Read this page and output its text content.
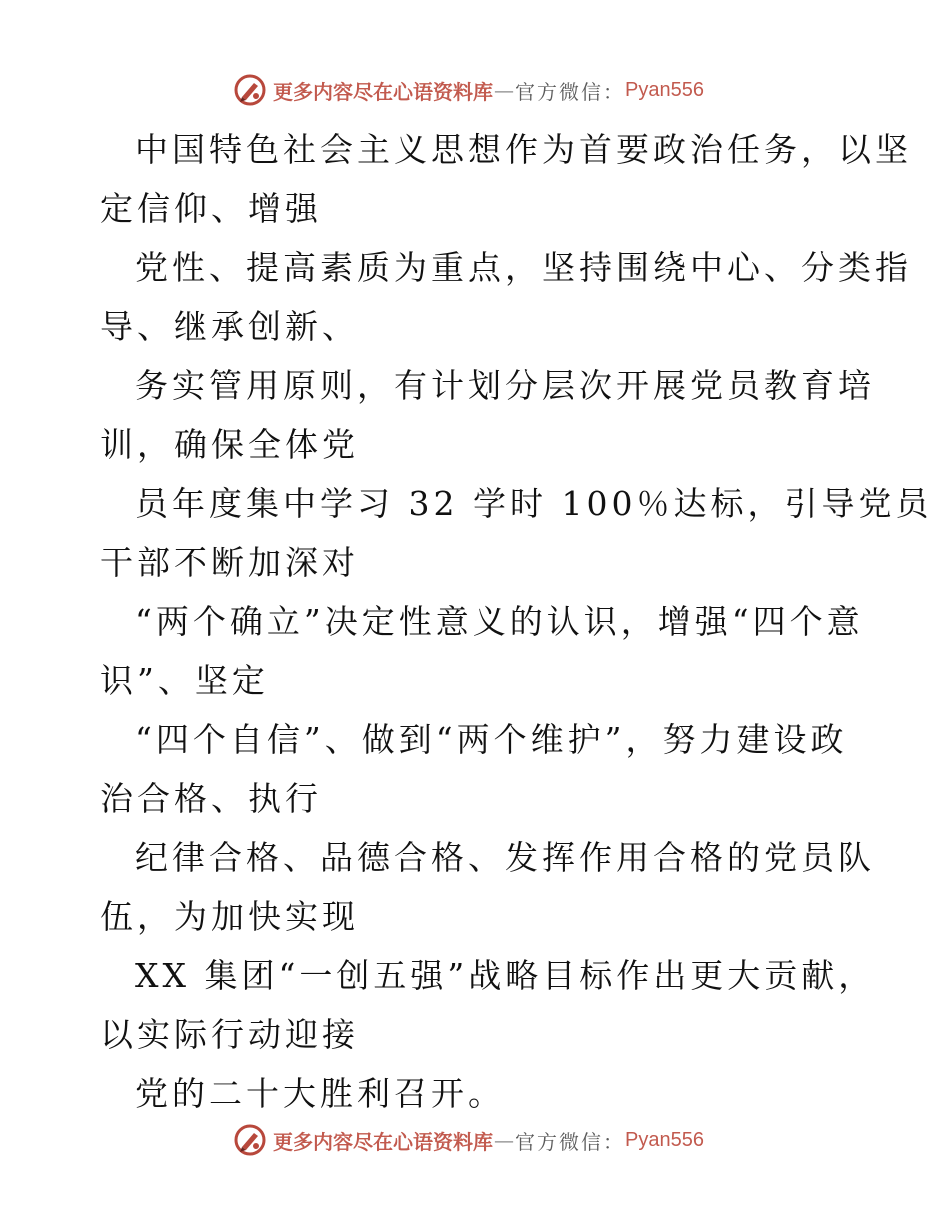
更多内容尽在心语资料库 — 官方微信： Pyan556
中国特色社会主义思想作为首要政治任务，以坚
定信仰、增强
党性、提高素质为重点，坚持围绕中心、分类指
导、继承创新、
务实管用原则，有计划分层次开展党员教育培
训，确保全体党
员年度集中学习 32 学时 100％达标，引导党员
干部不断加深对
“两个确立”决定性意义的认识，增强“四个意
识”、坚定
“四个自信”、做到“两个维护”，努力建设政
治合格、执行
纪律合格、品德合格、发挥作用合格的党员队
伍，为加快实现
XX 集团“一创五强”战略目标作出更大贡献，
以实际行动迎接
党的二十大胜利召开。
更多内容尽在心语资料库 — 官方微信： Pyan556
